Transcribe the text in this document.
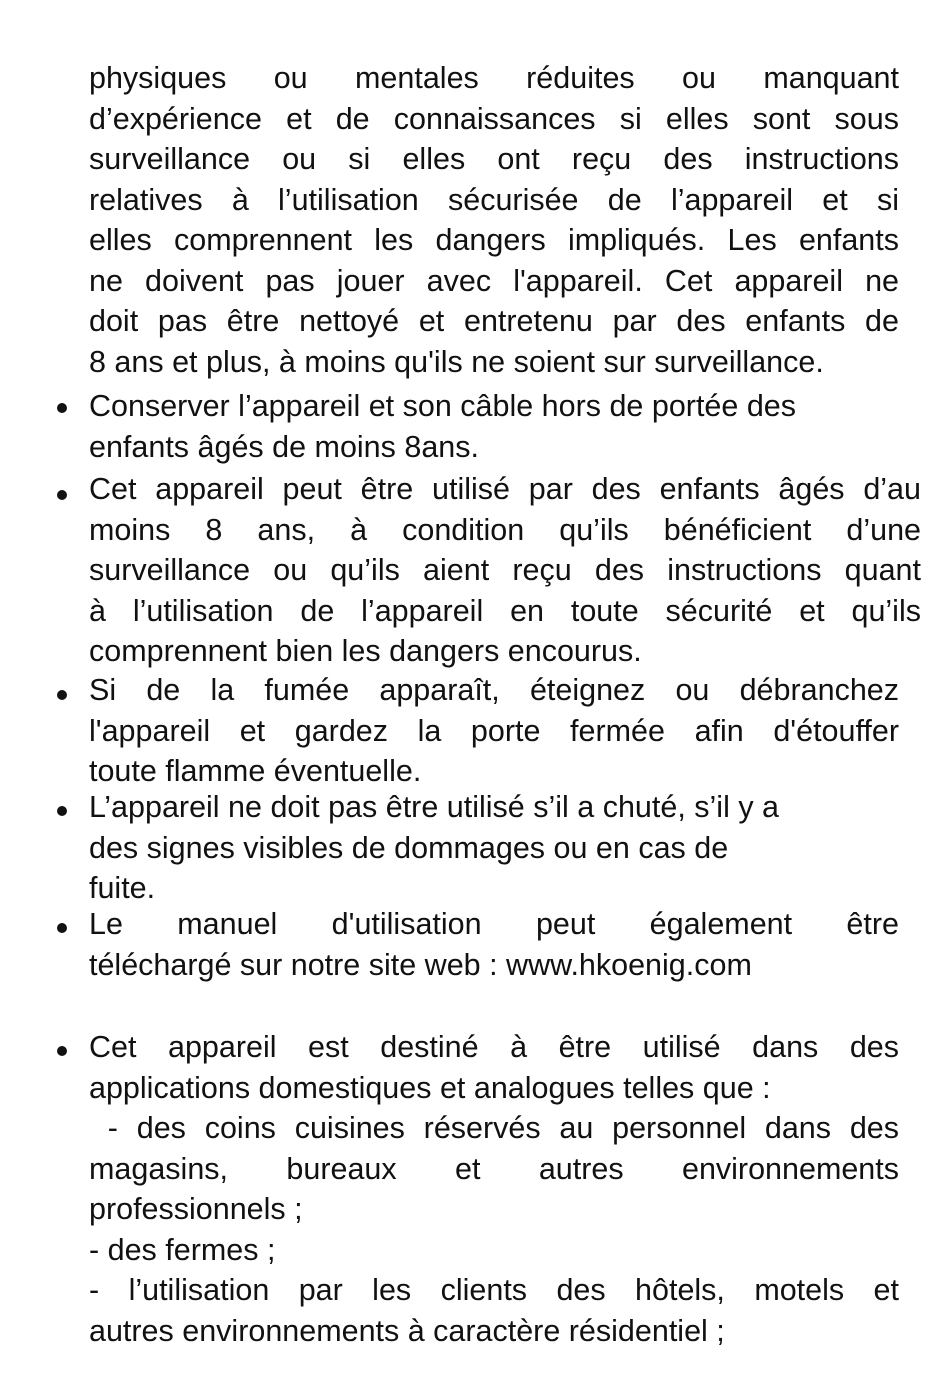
physiques ou mentales réduites ou manquant
d’expérience et de connaissances si elles sont sous
surveillance ou si elles ont reçu des instructions
relatives à l’utilisation sécurisée de l’appareil et si
elles comprennent les dangers impliqués. Les enfants
ne doivent pas jouer avec l'appareil. Cet appareil ne
doit pas être nettoyé et entretenu par des enfants de
8 ans et plus, à moins qu'ils ne soient sur surveillance.
Conserver l’appareil et son câble hors de portée des
enfants âgés de moins 8ans.
Cet appareil peut être utilisé par des enfants âgés d’au
moins 8 ans, à condition qu’ils bénéficient d’une
surveillance ou qu’ils aient reçu des instructions quant
à l’utilisation de l’appareil en toute sécurité et qu’ils
comprennent bien les dangers encourus.
Si de la fumée apparaît, éteignez ou débranchez
l'appareil et gardez la porte fermée afin d'étouffer
toute flamme éventuelle.
L’appareil ne doit pas être utilisé s’il a chuté, s’il y a
des signes visibles de dommages ou en cas de
fuite.
Le manuel d'utilisation peut également être
téléchargé sur notre site web : www.hkoenig.com
Cet appareil est destiné à être utilisé dans des
applications domestiques et analogues telles que :
- des coins cuisines réservés au personnel dans des
magasins, bureaux et autres environnements
professionnels ;
- des fermes ;
- l’utilisation par les clients des hôtels, motels et
autres environnements à caractère résidentiel ;
